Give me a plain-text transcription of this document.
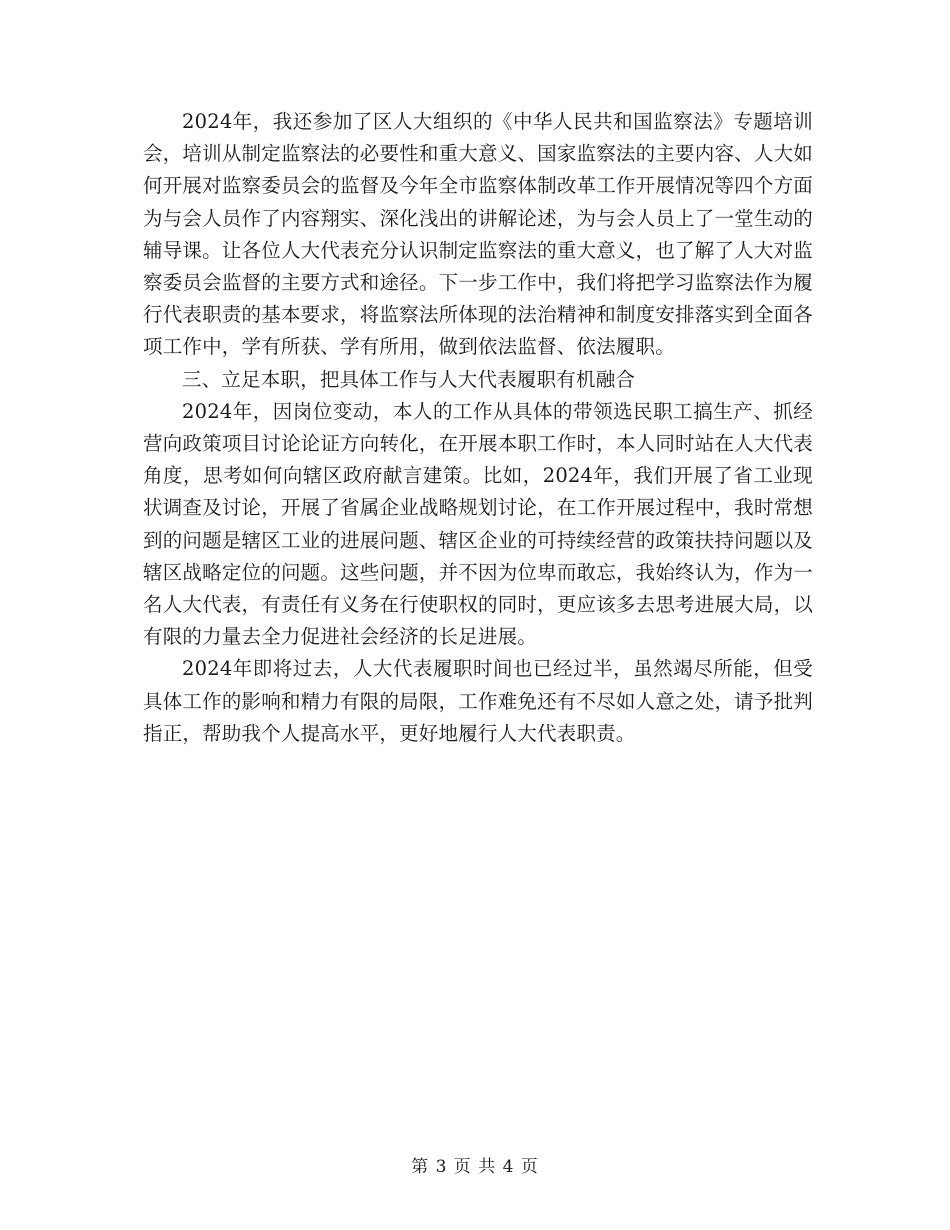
2024年，我还参加了区人大组织的《中华人民共和国监察法》专题培训会，培训从制定监察法的必要性和重大意义、国家监察法的主要内容、人大如何开展对监察委员会的监督及今年全市监察体制改革工作开展情况等四个方面为与会人员作了内容翔实、深化浅出的讲解论述，为与会人员上了一堂生动的辅导课。让各位人大代表充分认识制定监察法的重大意义，也了解了人大对监察委员会监督的主要方式和途径。下一步工作中，我们将把学习监察法作为履行代表职责的基本要求，将监察法所体现的法治精神和制度安排落实到全面各项工作中，学有所获、学有所用，做到依法监督、依法履职。

三、立足本职，把具体工作与人大代表履职有机融合

2024年，因岗位变动，本人的工作从具体的带领选民职工搞生产、抓经营向政策项目讨论论证方向转化，在开展本职工作时，本人同时站在人大代表角度，思考如何向辖区政府献言建策。比如，2024年，我们开展了省工业现状调查及讨论，开展了省属企业战略规划讨论，在工作开展过程中，我时常想到的问题是辖区工业的进展问题、辖区企业的可持续经营的政策扶持问题以及辖区战略定位的问题。这些问题，并不因为位卑而敢忘，我始终认为，作为一名人大代表，有责任有义务在行使职权的同时，更应该多去思考进展大局，以有限的力量去全力促进社会经济的长足进展。

2024年即将过去，人大代表履职时间也已经过半，虽然竭尽所能，但受具体工作的影响和精力有限的局限，工作难免还有不尽如人意之处，请予批判指正，帮助我个人提高水平，更好地履行人大代表职责。

第 3 页 共 4 页
